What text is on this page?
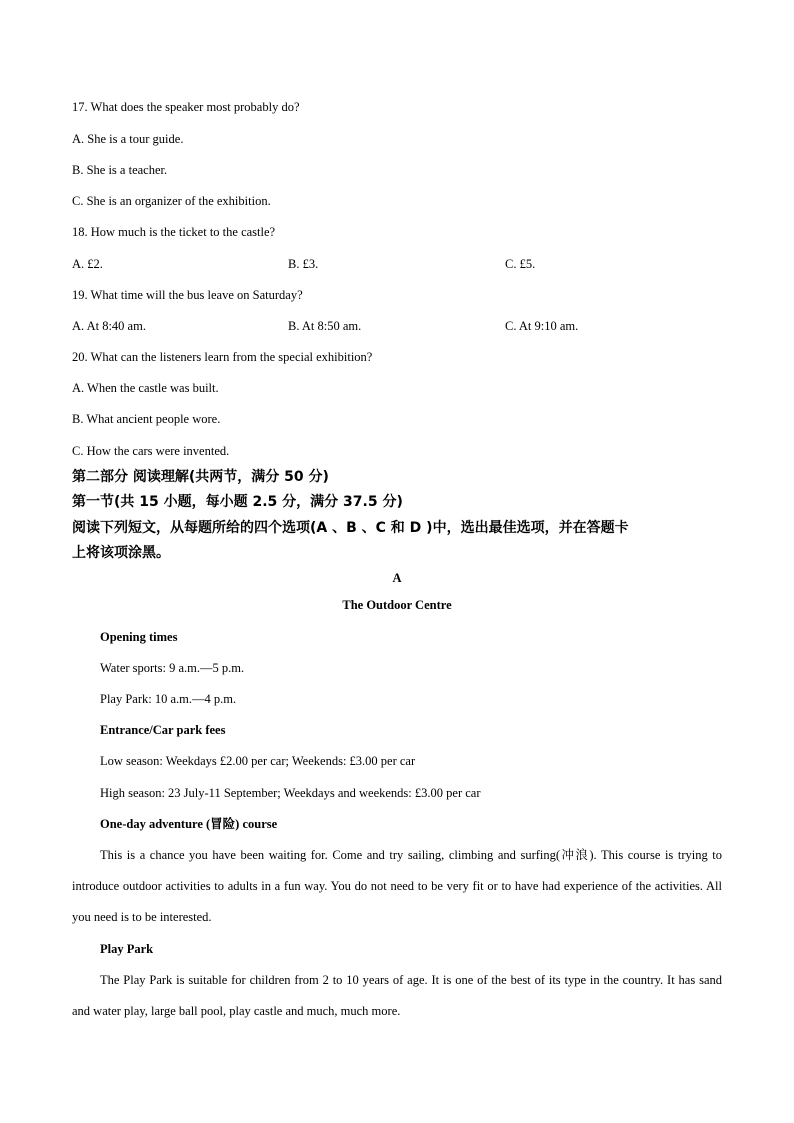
17. What does the speaker most probably do?
A. She is a tour guide.
B. She is a teacher.
C. She is an organizer of the exhibition.
18. How much is the ticket to the castle?
A. £2.	B. £3.	C. £5.
19. What time will the bus leave on Saturday?
A. At 8:40 am.	B. At 8:50 am.	C. At 9:10 am.
20. What can the listeners learn from the special exhibition?
A. When the castle was built.
B. What ancient people wore.
C. How the cars were invented.
第二部分 阅读理解(共两节，满分 50 分)
第一节(共 15 小题，每小题 2.5 分，满分 37.5 分)
阅读下列短文，从每题所给的四个选项(A 、B 、C 和 D )中，选出最佳选项，并在答题卡
上将该项涂黑。
A
The Outdoor Centre
Opening times
Water sports: 9 a.m.—5 p.m.
Play Park: 10 a.m.—4 p.m.
Entrance/Car park fees
Low season: Weekdays £2.00 per car; Weekends: £3.00 per car
High season: 23 July-11 September; Weekdays and weekends: £3.00 per car
One-day adventure (冒险) course
This is a chance you have been waiting for. Come and try sailing, climbing and surfing(冲浪). This course is trying to introduce outdoor activities to adults in a fun way. You do not need to be very fit or to have had experience of the activities. All you need is to be interested.
Play Park
The Play Park is suitable for children from 2 to 10 years of age. It is one of the best of its type in the country. It has sand and water play, large ball pool, play castle and much, much more.
